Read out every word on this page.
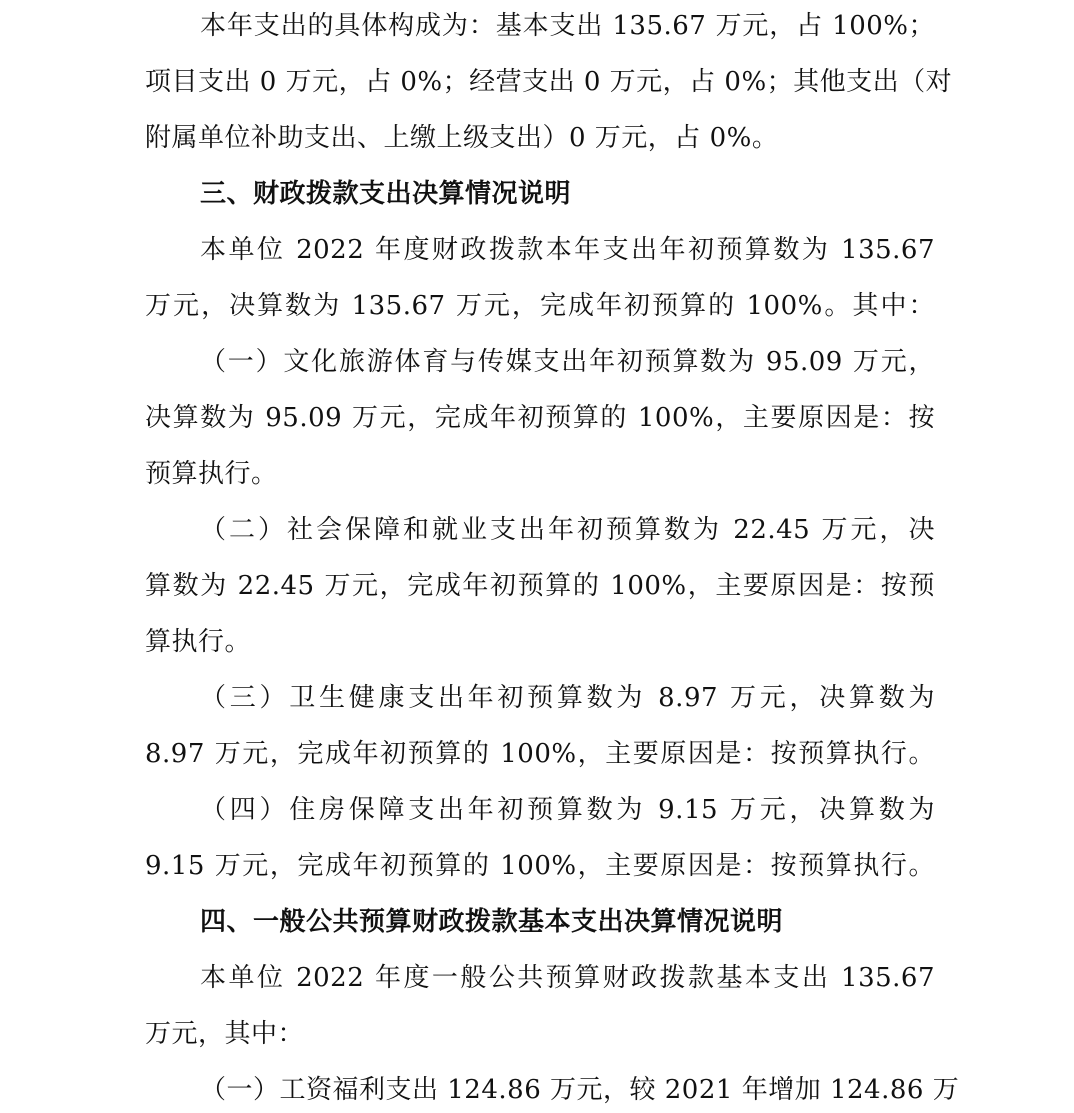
本年支出的具体构成为：基本支出 135.67 万元，占 100%；
项目支出 0 万元，占 0%；经营支出 0 万元，占 0%；其他支出（对
附属单位补助支出、上缴上级支出）0 万元，占 0%。
三、财政拨款支出决算情况说明
本单位 2022 年度财政拨款本年支出年初预算数为 135.67
万元，决算数为 135.67 万元，完成年初预算的 100%。其中：
（一）文化旅游体育与传媒支出年初预算数为 95.09 万元，
决算数为 95.09 万元，完成年初预算的 100%，主要原因是：按
预算执行。
（二）社会保障和就业支出年初预算数为 22.45 万元，决
算数为 22.45 万元，完成年初预算的 100%，主要原因是：按预
算执行。
（三）卫生健康支出年初预算数为 8.97 万元，决算数为
8.97 万元，完成年初预算的 100%，主要原因是：按预算执行。
（四）住房保障支出年初预算数为 9.15 万元，决算数为
9.15 万元，完成年初预算的 100%，主要原因是：按预算执行。
四、一般公共预算财政拨款基本支出决算情况说明
本单位 2022 年度一般公共预算财政拨款基本支出 135.67
万元，其中：
（一）工资福利支出 124.86 万元，较 2021 年增加 124.86 万
